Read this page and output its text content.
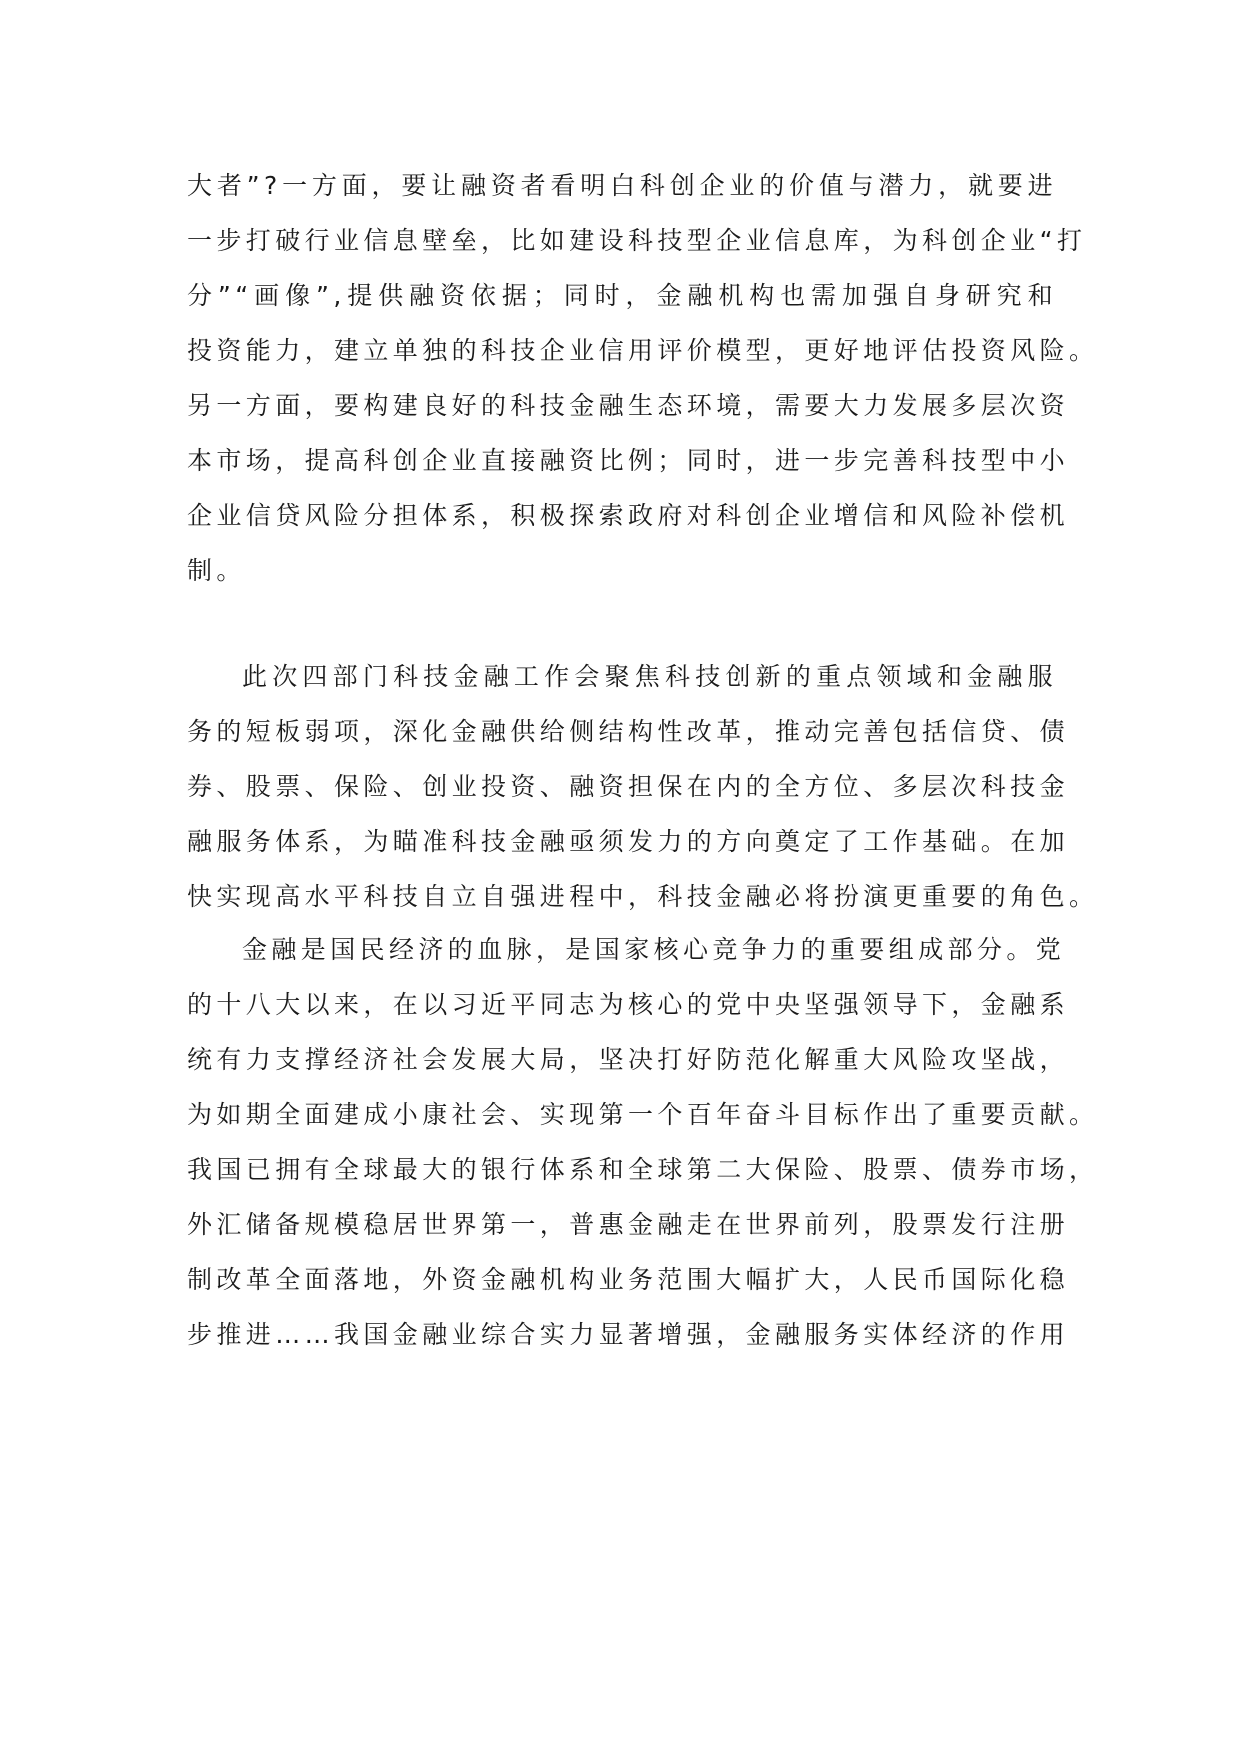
大者”?一方面，要让融资者看明白科创企业的价值与潜力，就要进
一步打破行业信息壁垒，比如建设科技型企业信息库，为科创企业“打
分”“画像”,提供融资依据；同时，金融机构也需加强自身研究和
投资能力，建立单独的科技企业信用评价模型，更好地评估投资风险。
另一方面，要构建良好的科技金融生态环境，需要大力发展多层次资
本市场，提高科创企业直接融资比例；同时，进一步完善科技型中小
企业信贷风险分担体系，积极探索政府对科创企业增信和风险补偿机
制。
此次四部门科技金融工作会聚焦科技创新的重点领域和金融服
务的短板弱项，深化金融供给侧结构性改革，推动完善包括信贷、债
券、股票、保险、创业投资、融资担保在内的全方位、多层次科技金
融服务体系，为瞄准科技金融亟须发力的方向奠定了工作基础。在加
快实现高水平科技自立自强进程中，科技金融必将扮演更重要的角色。
金融是国民经济的血脉，是国家核心竞争力的重要组成部分。党
的十八大以来，在以习近平同志为核心的党中央坚强领导下，金融系
统有力支撑经济社会发展大局，坚决打好防范化解重大风险攻坚战，
为如期全面建成小康社会、实现第一个百年奋斗目标作出了重要贡献。
我国已拥有全球最大的银行体系和全球第二大保险、股票、债券市场，
外汇储备规模稳居世界第一，普惠金融走在世界前列，股票发行注册
制改革全面落地，外资金融机构业务范围大幅扩大，人民币国际化稳
步推进……我国金融业综合实力显著增强，金融服务实体经济的作用
